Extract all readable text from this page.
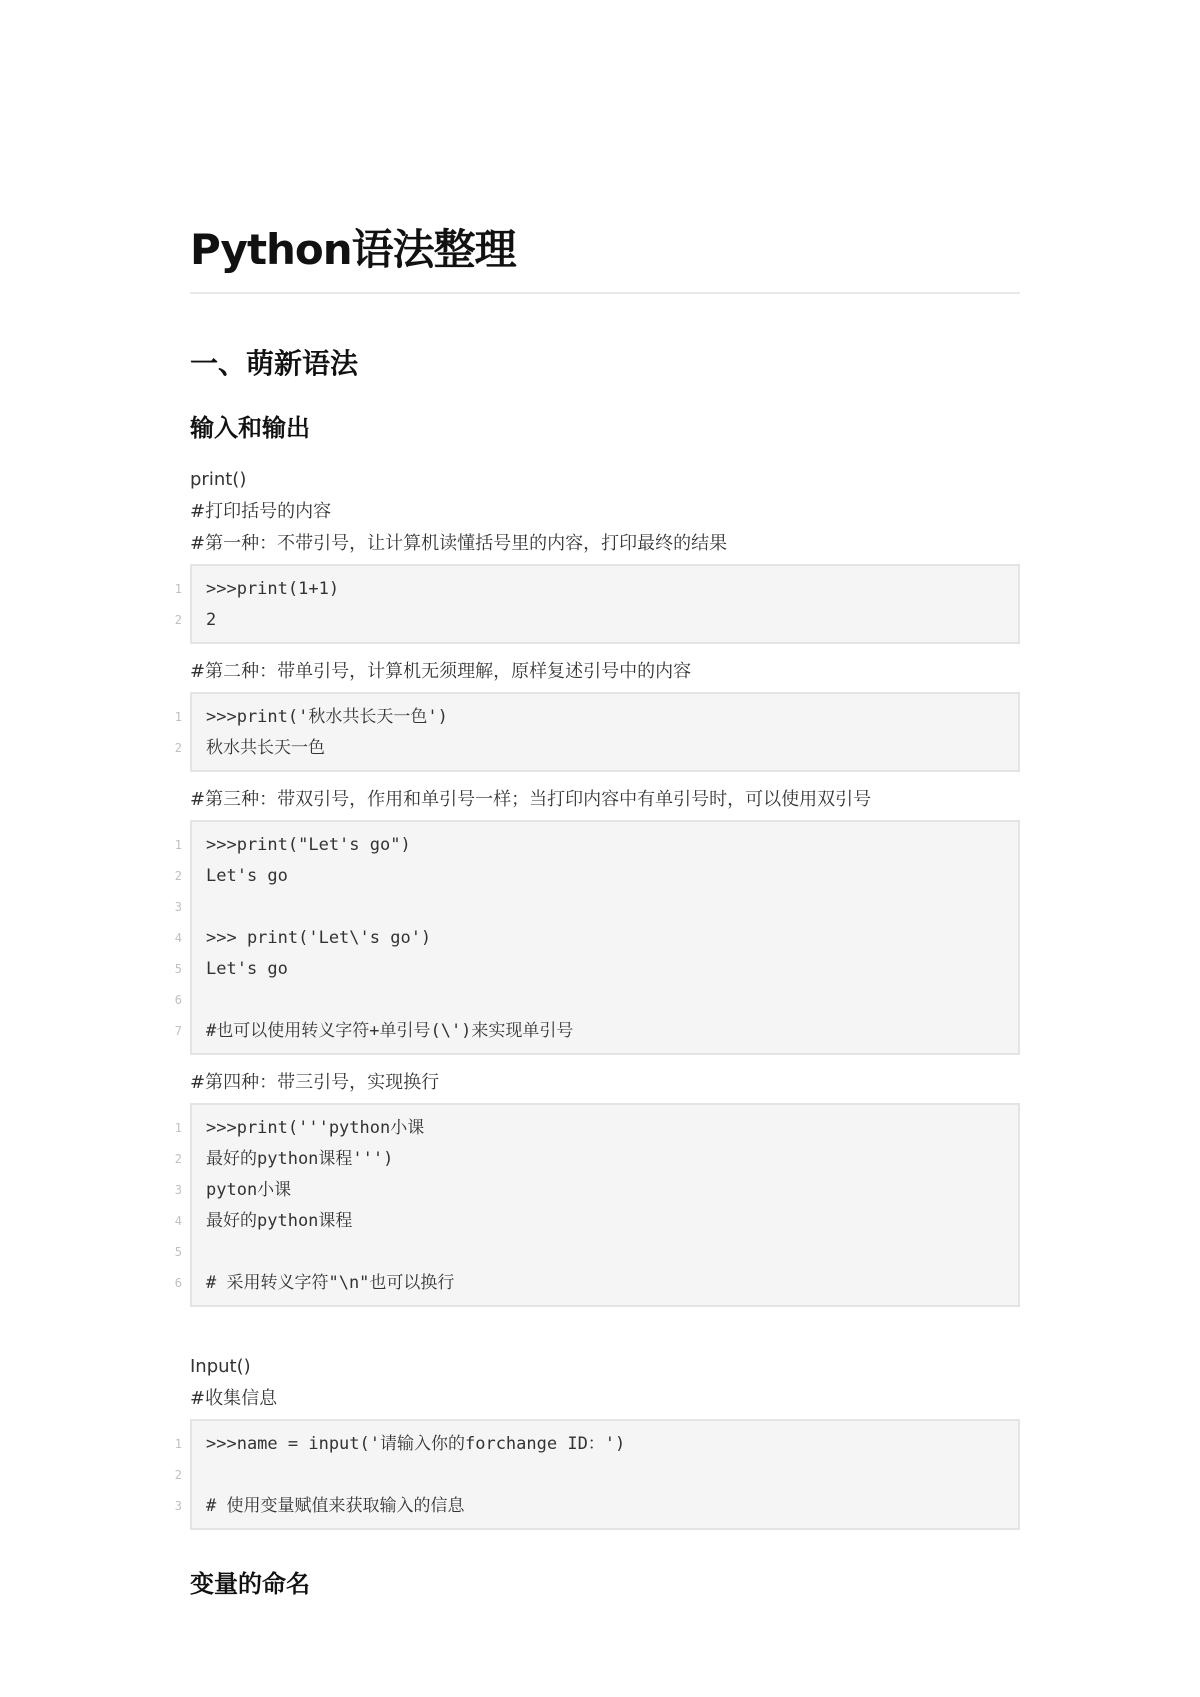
Python语法整理
一、萌新语法
输入和输出

print()

#打印括号的内容

#第一种：不带引号，让计算机读懂括号里的内容，打印最终的结果

1 >>>print(1+1)
2 2

#第二种：带单引号，计算机无须理解，原样复述引号中的内容

1 >>>print('秋水共长天一色')
2 秋水共长天一色

#第三种：带双引号，作用和单引号一样；当打印内容中有单引号时，可以使用双引号

1 >>>print("Let's go")
2 Let's go
3
4 >>> print('Let\'s go')
5 Let's go
6
7 #也可以使用转义字符+单引号(\')来实现单引号

#第四种：带三引号，实现换行

1 >>>print('''python小课
2 最好的python课程''')
3 pyton小课
4 最好的python课程
5
6 # 采用转义字符"\n"也可以换行

Input()

#收集信息

1 >>>name = input('请输入你的forchange ID：')
2
3 # 使用变量赋值来获取输入的信息
变量的命名
